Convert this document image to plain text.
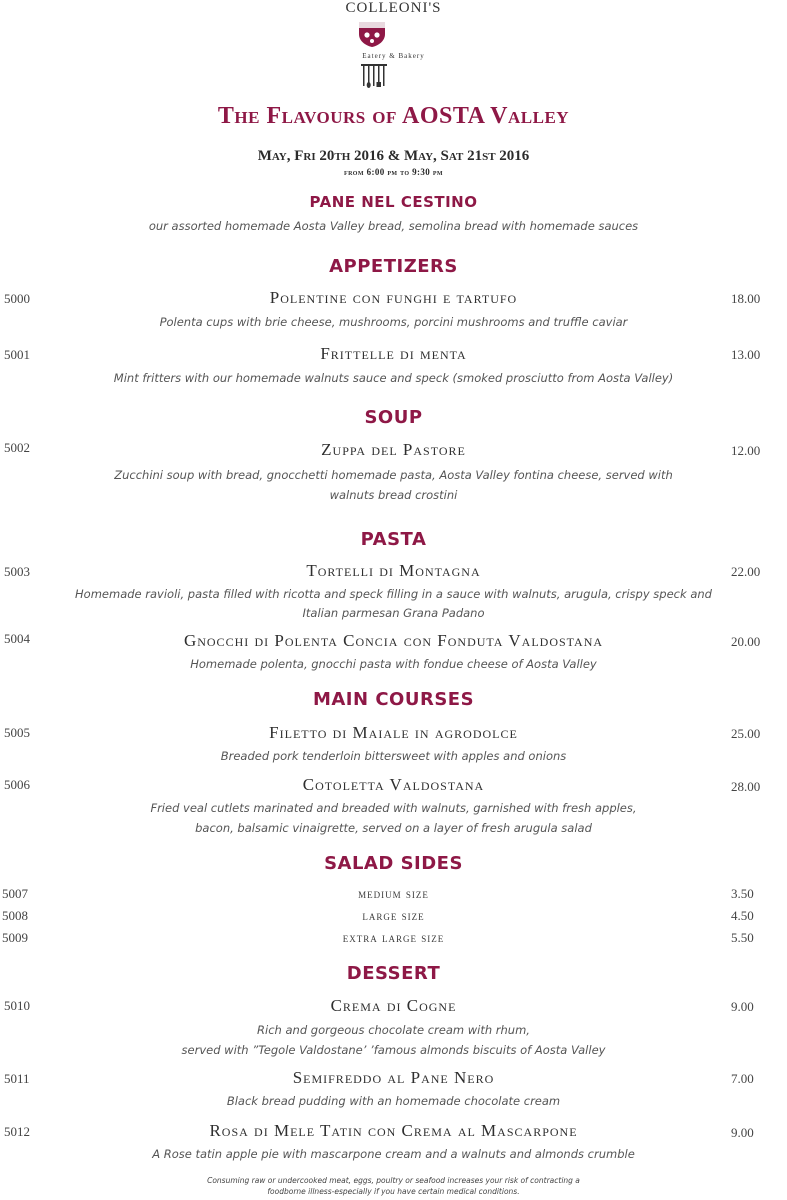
COLLEONI'S
Eatery & Bakery
The Flavours of AOSTA Valley
May, Fri 20th 2016 & May, Sat 21st 2016
from 6:00 pm to 9:30 pm
PANE NEL CESTINO
our assorted homemade Aosta Valley bread, semolina bread with homemade sauces
APPETIZERS
5000	Polentine con funghi e tartufo	18.00
Polenta cups with brie cheese, mushrooms, porcini mushrooms and truffle caviar
5001	Frittelle di menta	13.00
Mint fritters with our homemade walnuts sauce and speck (smoked prosciutto from Aosta Valley)
SOUP
5002	Zuppa del Pastore	12.00
Zucchini soup with bread, gnocchetti homemade pasta, Aosta Valley fontina cheese, served with
walnuts bread crostini
PASTA
5003	Tortelli di Montagna	22.00
Homemade ravioli, pasta filled with ricotta and speck filling in a sauce with walnuts, arugula, crispy speck and
Italian parmesan Grana Padano
5004	Gnocchi di Polenta Concia con Fonduta Valdostana	20.00
Homemade polenta, gnocchi pasta with fondue cheese of Aosta Valley
MAIN COURSES
5005	Filetto di Maiale in agrodolce	25.00
Breaded pork tenderloin bittersweet with apples and onions
5006	Cotoletta Valdostana	28.00
Fried veal cutlets marinated and breaded with walnuts, garnished with fresh apples,
bacon, balsamic vinaigrette, served on a layer of fresh arugula salad
SALAD SIDES
5007	medium size	3.50
5008	large size	4.50
5009	extra large size	5.50
DESSERT
5010	Crema di Cogne	9.00
Rich and gorgeous chocolate cream with rhum,
served with ”Tegole Valdostane’ ’famous almonds biscuits of Aosta Valley
5011	Semifreddo al Pane Nero	7.00
Black bread pudding with an homemade chocolate cream
5012	Rosa di Mele Tatin con Crema al Mascarpone	9.00
A Rose tatin apple pie with mascarpone cream and a walnuts and almonds crumble
Consuming raw or undercooked meat, eggs, poultry or seafood increases your risk of contracting a
foodborne illness-especially if you have certain medical conditions.
